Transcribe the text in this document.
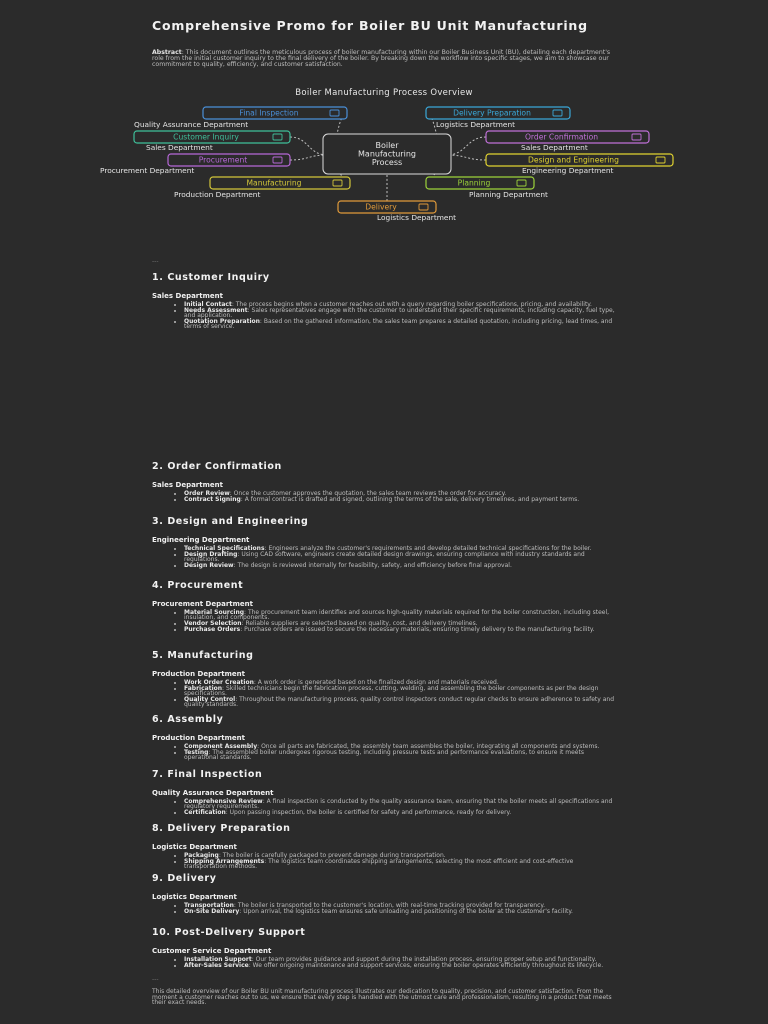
Comprehensive Promo for Boiler BU Unit Manufacturing

Abstract: This document outlines the meticulous process of boiler manufacturing within our Boiler Business Unit (BU), detailing each department's role from the initial customer inquiry to the final delivery of the boiler. By breaking down the workflow into specific stages, we aim to showcase our commitment to quality, efficiency, and customer satisfaction.

Boiler Manufacturing Process Overview
Boiler
Manufacturing
Process
Final Inspection
Quality Assurance Department
Customer Inquiry
Sales Department
Procurement
Procurement Department
Manufacturing
Production Department
Delivery Preparation
Logistics Department
Order Confirmation
Sales Department
Design and Engineering
Engineering Department
Planning
Planning Department
Delivery
Logistics Department
---
1. Customer Inquiry
Sales Department
• Initial Contact: The process begins when a customer reaches out with a query regarding boiler specifications, pricing, and availability.
• Needs Assessment: Sales representatives engage with the customer to understand their specific requirements, including capacity, fuel type, and application.
• Quotation Preparation: Based on the gathered information, the sales team prepares a detailed quotation, including pricing, lead times, and terms of service.
2. Order Confirmation
Sales Department
• Order Review: Once the customer approves the quotation, the sales team reviews the order for accuracy.
• Contract Signing: A formal contract is drafted and signed, outlining the terms of the sale, delivery timelines, and payment terms.
3. Design and Engineering
Engineering Department
• Technical Specifications: Engineers analyze the customer's requirements and develop detailed technical specifications for the boiler.
• Design Drafting: Using CAD software, engineers create detailed design drawings, ensuring compliance with industry standards and regulations.
• Design Review: The design is reviewed internally for feasibility, safety, and efficiency before final approval.
4. Procurement
Procurement Department
• Material Sourcing: The procurement team identifies and sources high-quality materials required for the boiler construction, including steel, insulation, and components.
• Vendor Selection: Reliable suppliers are selected based on quality, cost, and delivery timelines.
• Purchase Orders: Purchase orders are issued to secure the necessary materials, ensuring timely delivery to the manufacturing facility.
5. Manufacturing
Production Department
• Work Order Creation: A work order is generated based on the finalized design and materials received.
• Fabrication: Skilled technicians begin the fabrication process, cutting, welding, and assembling the boiler components as per the design specifications.
• Quality Control: Throughout the manufacturing process, quality control inspectors conduct regular checks to ensure adherence to safety and quality standards.
6. Assembly
Production Department
• Component Assembly: Once all parts are fabricated, the assembly team assembles the boiler, integrating all components and systems.
• Testing: The assembled boiler undergoes rigorous testing, including pressure tests and performance evaluations, to ensure it meets operational standards.
7. Final Inspection
Quality Assurance Department
• Comprehensive Review: A final inspection is conducted by the quality assurance team, ensuring that the boiler meets all specifications and regulatory requirements.
• Certification: Upon passing inspection, the boiler is certified for safety and performance, ready for delivery.
8. Delivery Preparation
Logistics Department
• Packaging: The boiler is carefully packaged to prevent damage during transportation.
• Shipping Arrangements: The logistics team coordinates shipping arrangements, selecting the most efficient and cost-effective transportation methods.
9. Delivery
Logistics Department
• Transportation: The boiler is transported to the customer's location, with real-time tracking provided for transparency.
• On-Site Delivery: Upon arrival, the logistics team ensures safe unloading and positioning of the boiler at the customer's facility.
10. Post-Delivery Support
Customer Service Department
• Installation Support: Our team provides guidance and support during the installation process, ensuring proper setup and functionality.
• After-Sales Service: We offer ongoing maintenance and support services, ensuring the boiler operates efficiently throughout its lifecycle.
---

This detailed overview of our Boiler BU unit manufacturing process illustrates our dedication to quality, precision, and customer satisfaction. From the moment a customer reaches out to us, we ensure that every step is handled with the utmost care and professionalism, resulting in a product that meets their exact needs.
